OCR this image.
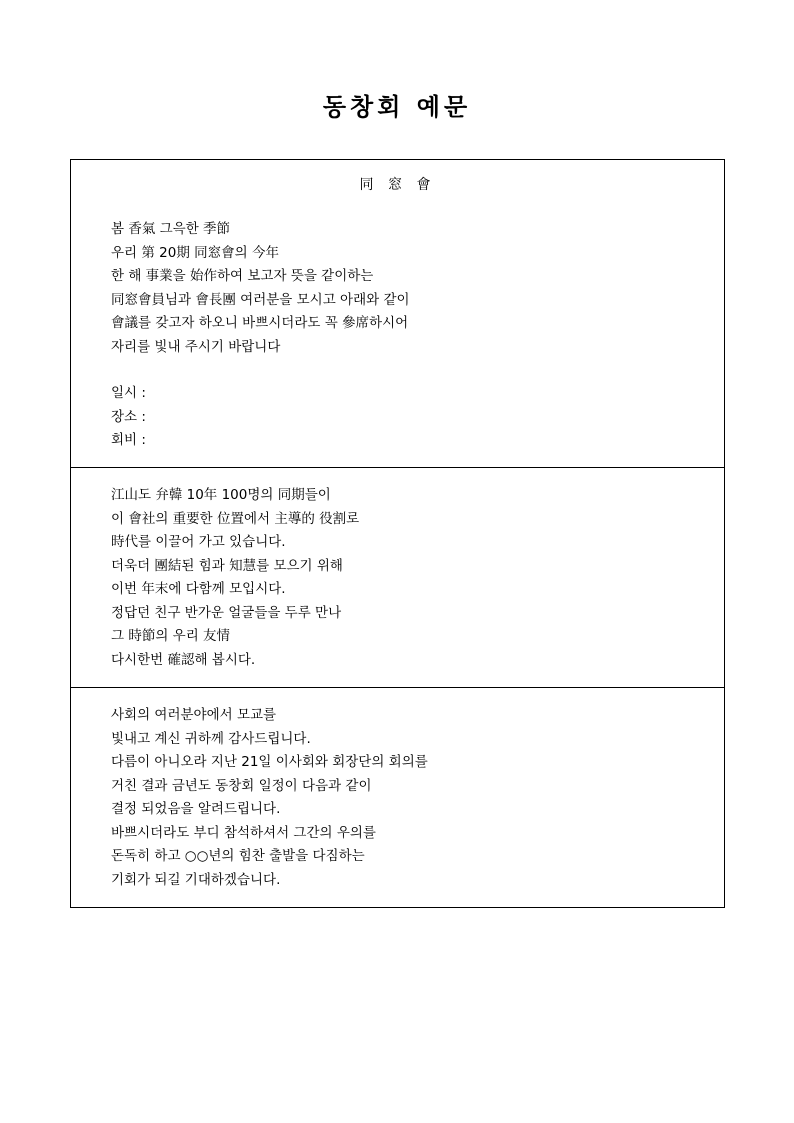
동창회 예문
同 窓 會
봄 香氣 그윽한 季節
우리 第 20期 同窓會의 今年
한 해 事業을 始作하여 보고자 뜻을 같이하는
同窓會員님과 會長團 여러분을 모시고 아래와 같이
會議를 갖고자 하오니 바쁘시더라도 꼭 參席하시어
자리를 빛내 주시기 바랍니다
일시 :
장소 :
회비 :
江山도 弁韓 10年 100명의 同期들이
이 會社의 重要한 位置에서 主導的 役割로
時代를 이끌어 가고 있습니다.
더욱더 團結된 힘과 知慧를 모으기 위해
이번 年末에 다함께 모입시다.
정답던 친구 반가운 얼굴들을 두루 만나
그 時節의 우리 友情
다시한번 確認해 봅시다.
사회의 여러분야에서 모교를
빛내고 계신 귀하께 감사드립니다.
다름이 아니오라 지난 21일 이사회와 회장단의 회의를
거친 결과 금년도 동창회 일정이 다음과 같이
결정 되었음을 알려드립니다.
바쁘시더라도 부디 참석하셔서 그간의 우의를
돈독히 하고 ○○년의 힘찬 출발을 다짐하는
기회가 되길 기대하겠습니다.
